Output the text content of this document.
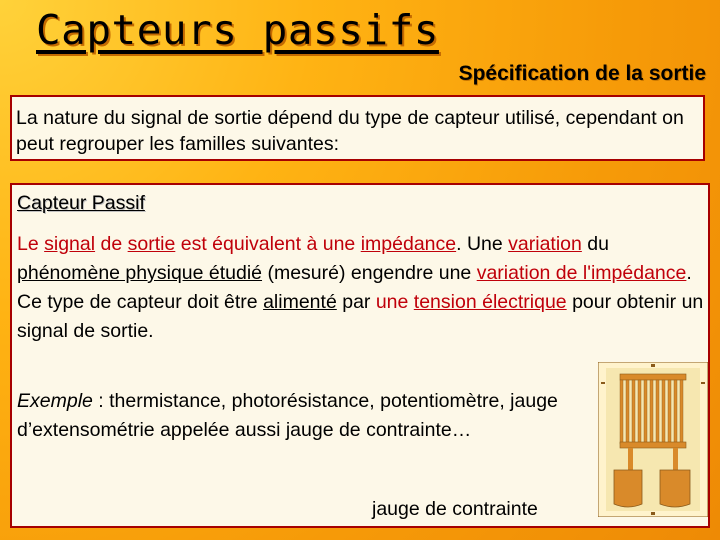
Capteurs passifs
Spécification de la sortie

La nature du signal de sortie dépend du type de capteur utilisé, cependant on peut regrouper les familles suivantes:

Capteur Passif

Le signal de sortie est équivalent à une impédance. Une variation du phénomène physique étudié (mesuré) engendre une variation de l'impédance. Ce type de capteur doit être alimenté par une tension électrique pour obtenir un signal de sortie.

Exemple : thermistance, photorésistance, potentiomètre, jauge d’extensométrie appelée aussi jauge de contrainte…

jauge de contrainte
